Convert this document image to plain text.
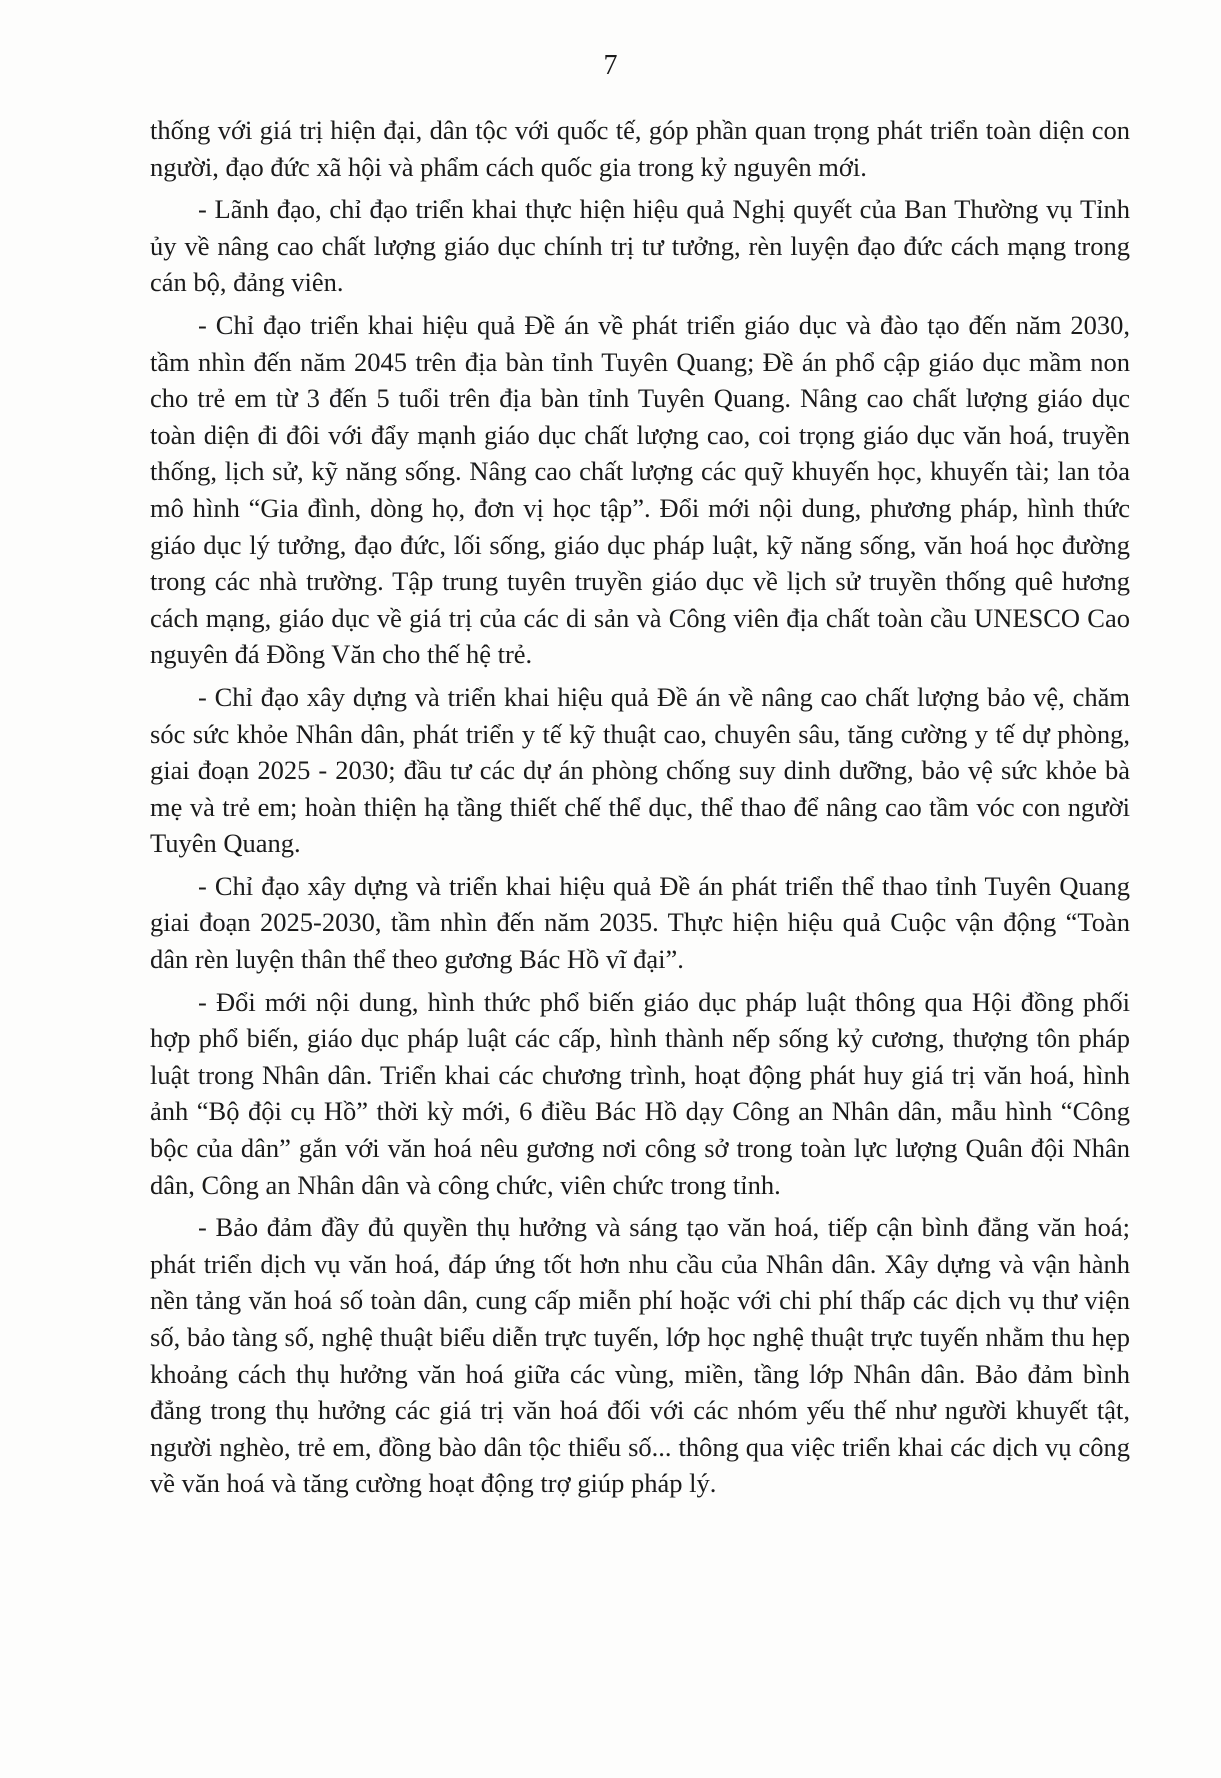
7

thống với giá trị hiện đại, dân tộc với quốc tế, góp phần quan trọng phát triển toàn diện con người, đạo đức xã hội và phẩm cách quốc gia trong kỷ nguyên mới.

- Lãnh đạo, chỉ đạo triển khai thực hiện hiệu quả Nghị quyết của Ban Thường vụ Tỉnh ủy về nâng cao chất lượng giáo dục chính trị tư tưởng, rèn luyện đạo đức cách mạng trong cán bộ, đảng viên.

- Chỉ đạo triển khai hiệu quả Đề án về phát triển giáo dục và đào tạo đến năm 2030, tầm nhìn đến năm 2045 trên địa bàn tỉnh Tuyên Quang; Đề án phổ cập giáo dục mầm non cho trẻ em từ 3 đến 5 tuổi trên địa bàn tỉnh Tuyên Quang. Nâng cao chất lượng giáo dục toàn diện đi đôi với đẩy mạnh giáo dục chất lượng cao, coi trọng giáo dục văn hoá, truyền thống, lịch sử, kỹ năng sống. Nâng cao chất lượng các quỹ khuyến học, khuyến tài; lan tỏa mô hình “Gia đình, dòng họ, đơn vị học tập”. Đổi mới nội dung, phương pháp, hình thức giáo dục lý tưởng, đạo đức, lối sống, giáo dục pháp luật, kỹ năng sống, văn hoá học đường trong các nhà trường. Tập trung tuyên truyền giáo dục về lịch sử truyền thống quê hương cách mạng, giáo dục về giá trị của các di sản và Công viên địa chất toàn cầu UNESCO Cao nguyên đá Đồng Văn cho thế hệ trẻ.

- Chỉ đạo xây dựng và triển khai hiệu quả Đề án về nâng cao chất lượng bảo vệ, chăm sóc sức khỏe Nhân dân, phát triển y tế kỹ thuật cao, chuyên sâu, tăng cường y tế dự phòng, giai đoạn 2025 - 2030; đầu tư các dự án phòng chống suy dinh dưỡng, bảo vệ sức khỏe bà mẹ và trẻ em; hoàn thiện hạ tầng thiết chế thể dục, thể thao để nâng cao tầm vóc con người Tuyên Quang.

- Chỉ đạo xây dựng và triển khai hiệu quả Đề án phát triển thể thao tỉnh Tuyên Quang giai đoạn 2025-2030, tầm nhìn đến năm 2035. Thực hiện hiệu quả Cuộc vận động “Toàn dân rèn luyện thân thể theo gương Bác Hồ vĩ đại”.

- Đổi mới nội dung, hình thức phổ biến giáo dục pháp luật thông qua Hội đồng phối hợp phổ biến, giáo dục pháp luật các cấp, hình thành nếp sống kỷ cương, thượng tôn pháp luật trong Nhân dân. Triển khai các chương trình, hoạt động phát huy giá trị văn hoá, hình ảnh “Bộ đội cụ Hồ” thời kỳ mới, 6 điều Bác Hồ dạy Công an Nhân dân, mẫu hình “Công bộc của dân” gắn với văn hoá nêu gương nơi công sở trong toàn lực lượng Quân đội Nhân dân, Công an Nhân dân và công chức, viên chức trong tỉnh.

- Bảo đảm đầy đủ quyền thụ hưởng và sáng tạo văn hoá, tiếp cận bình đẳng văn hoá; phát triển dịch vụ văn hoá, đáp ứng tốt hơn nhu cầu của Nhân dân. Xây dựng và vận hành nền tảng văn hoá số toàn dân, cung cấp miễn phí hoặc với chi phí thấp các dịch vụ thư viện số, bảo tàng số, nghệ thuật biểu diễn trực tuyến, lớp học nghệ thuật trực tuyến nhằm thu hẹp khoảng cách thụ hưởng văn hoá giữa các vùng, miền, tầng lớp Nhân dân. Bảo đảm bình đẳng trong thụ hưởng các giá trị văn hoá đối với các nhóm yếu thế như người khuyết tật, người nghèo, trẻ em, đồng bào dân tộc thiểu số... thông qua việc triển khai các dịch vụ công về văn hoá và tăng cường hoạt động trợ giúp pháp lý.
